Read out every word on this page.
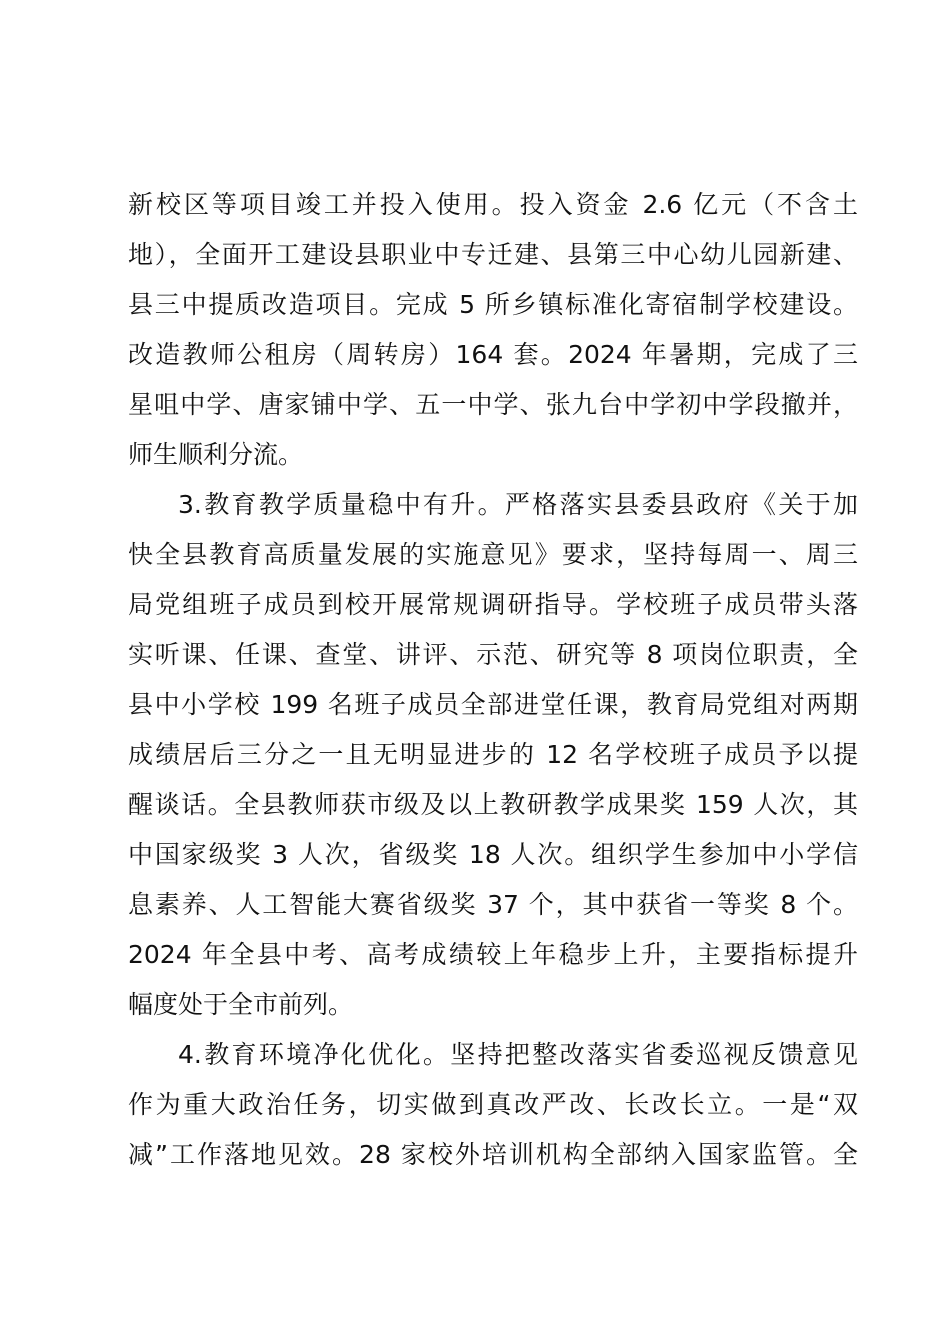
新校区等项目竣工并投入使用。投入资金 2.6 亿元（不含土
地），全面开工建设县职业中专迁建、县第三中心幼儿园新建、
县三中提质改造项目。完成 5 所乡镇标准化寄宿制学校建设。
改造教师公租房（周转房）164 套。2024 年暑期，完成了三
星咀中学、唐家铺中学、五一中学、张九台中学初中学段撤并，
师生顺利分流。
3.教育教学质量稳中有升。严格落实县委县政府《关于加
快全县教育高质量发展的实施意见》要求，坚持每周一、周三
局党组班子成员到校开展常规调研指导。学校班子成员带头落
实听课、任课、查堂、讲评、示范、研究等 8 项岗位职责，全
县中小学校 199 名班子成员全部进堂任课，教育局党组对两期
成绩居后三分之一且无明显进步的 12 名学校班子成员予以提
醒谈话。全县教师获市级及以上教研教学成果奖 159 人次，其
中国家级奖 3 人次，省级奖 18 人次。组织学生参加中小学信
息素养、人工智能大赛省级奖 37 个，其中获省一等奖 8 个。
2024 年全县中考、高考成绩较上年稳步上升，主要指标提升
幅度处于全市前列。
4.教育环境净化优化。坚持把整改落实省委巡视反馈意见
作为重大政治任务，切实做到真改严改、长改长立。一是“双
减”工作落地见效。28 家校外培训机构全部纳入国家监管。全
